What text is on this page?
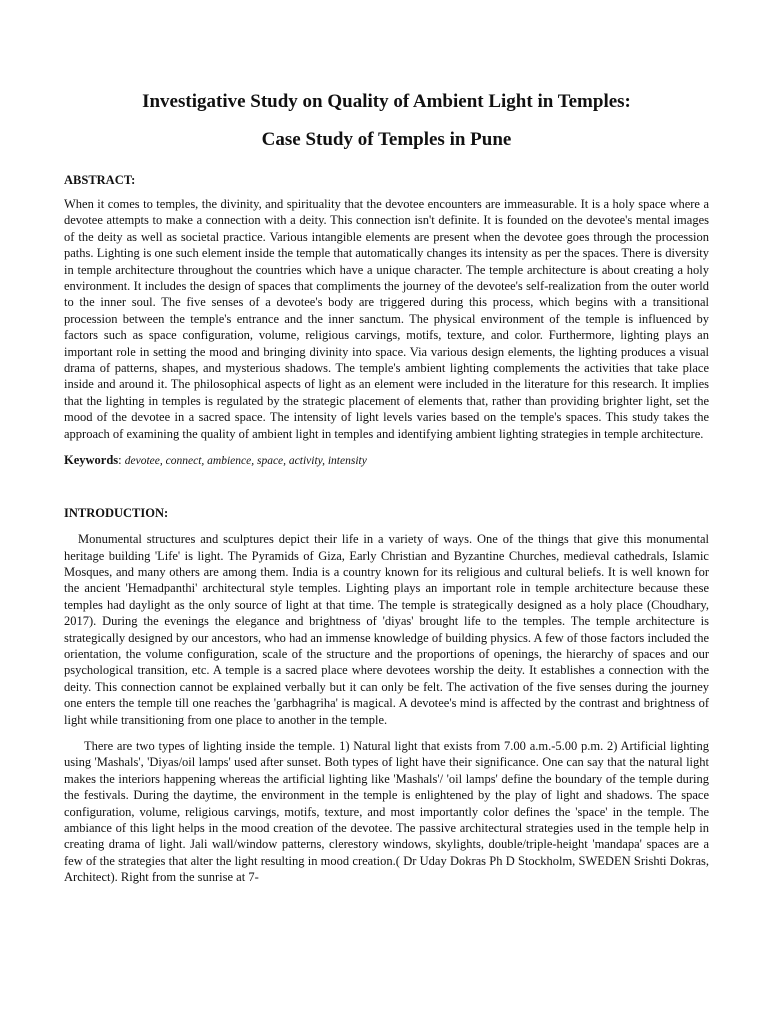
Investigative Study on Quality of Ambient Light in Temples:
Case Study of Temples in Pune
ABSTRACT:

When it comes to temples, the divinity, and spirituality that the devotee encounters are immeasurable. It is a holy space where a devotee attempts to make a connection with a deity. This connection isn't definite. It is founded on the devotee's mental images of the deity as well as societal practice. Various intangible elements are present when the devotee goes through the procession paths. Lighting is one such element inside the temple that automatically changes its intensity as per the spaces. There is diversity in temple architecture throughout the countries which have a unique character. The temple architecture is about creating a holy environment. It includes the design of spaces that compliments the journey of the devotee's self-realization from the outer world to the inner soul. The five senses of a devotee's body are triggered during this process, which begins with a transitional procession between the temple's entrance and the inner sanctum. The physical environment of the temple is influenced by factors such as space configuration, volume, religious carvings, motifs, texture, and color. Furthermore, lighting plays an important role in setting the mood and bringing divinity into space. Via various design elements, the lighting produces a visual drama of patterns, shapes, and mysterious shadows. The temple's ambient lighting complements the activities that take place inside and around it. The philosophical aspects of light as an element were included in the literature for this research. It implies that the lighting in temples is regulated by the strategic placement of elements that, rather than providing brighter light, set the mood of the devotee in a sacred space. The intensity of light levels varies based on the temple's spaces. This study takes the approach of examining the quality of ambient light in temples and identifying ambient lighting strategies in temple architecture.

Keywords: devotee, connect, ambience, space, activity, intensity

INTRODUCTION:

Monumental structures and sculptures depict their life in a variety of ways. One of the things that give this monumental heritage building 'Life' is light. The Pyramids of Giza, Early Christian and Byzantine Churches, medieval cathedrals, Islamic Mosques, and many others are among them. India is a country known for its religious and cultural beliefs. It is well known for the ancient 'Hemadpanthi' architectural style temples. Lighting plays an important role in temple architecture because these temples had daylight as the only source of light at that time. The temple is strategically designed as a holy place (Choudhary, 2017). During the evenings the elegance and brightness of 'diyas' brought life to the temples. The temple architecture is strategically designed by our ancestors, who had an immense knowledge of building physics. A few of those factors included the orientation, the volume configuration, scale of the structure and the proportions of openings, the hierarchy of spaces and our psychological transition, etc. A temple is a sacred place where devotees worship the deity. It establishes a connection with the deity. This connection cannot be explained verbally but it can only be felt. The activation of the five senses during the journey one enters the temple till one reaches the 'garbhagriha' is magical. A devotee's mind is affected by the contrast and brightness of light while transitioning from one place to another in the temple.

There are two types of lighting inside the temple. 1) Natural light that exists from 7.00 a.m.-5.00 p.m. 2) Artificial lighting using 'Mashals', 'Diyas/oil lamps' used after sunset. Both types of light have their significance. One can say that the natural light makes the interiors happening whereas the artificial lighting like 'Mashals'/ 'oil lamps' define the boundary of the temple during the festivals. During the daytime, the environment in the temple is enlightened by the play of light and shadows. The space configuration, volume, religious carvings, motifs, texture, and most importantly color defines the 'space' in the temple. The ambiance of this light helps in the mood creation of the devotee. The passive architectural strategies used in the temple help in creating drama of light. Jali wall/window patterns, clerestory windows, skylights, double/triple-height 'mandapa' spaces are a few of the strategies that alter the light resulting in mood creation.( Dr Uday Dokras Ph D Stockholm, SWEDEN Srishti Dokras, Architect). Right from the sunrise at 7-
